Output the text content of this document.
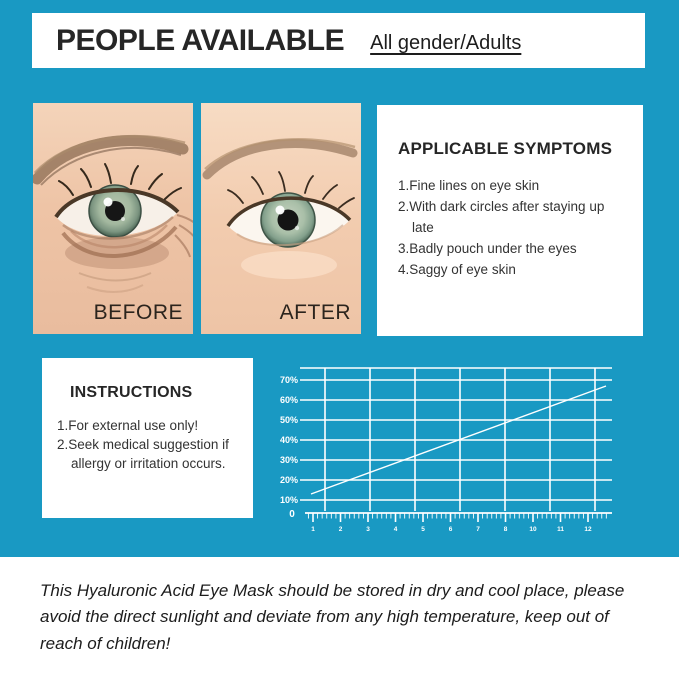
PEOPLE AVAILABLE All gender/Adults
BEFORE	AFTER
APPLICABLE SYMPTOMS
1.Fine lines on eye skin
2.With dark circles after staying up late
3.Badly pouch under the eyes
4.Saggy of eye skin
INSTRUCTIONS
1.For external use only!
2.Seek medical suggestion if allergy or irritation occurs.
70%
60%
50%
40%
30%
20%
10%
0
1	2	3	4	5	6	7	8	10	11	12
This Hyaluronic Acid Eye Mask should be stored in dry and cool place, please avoid the direct sunlight and deviate from any high temperature, keep out of reach of children!
